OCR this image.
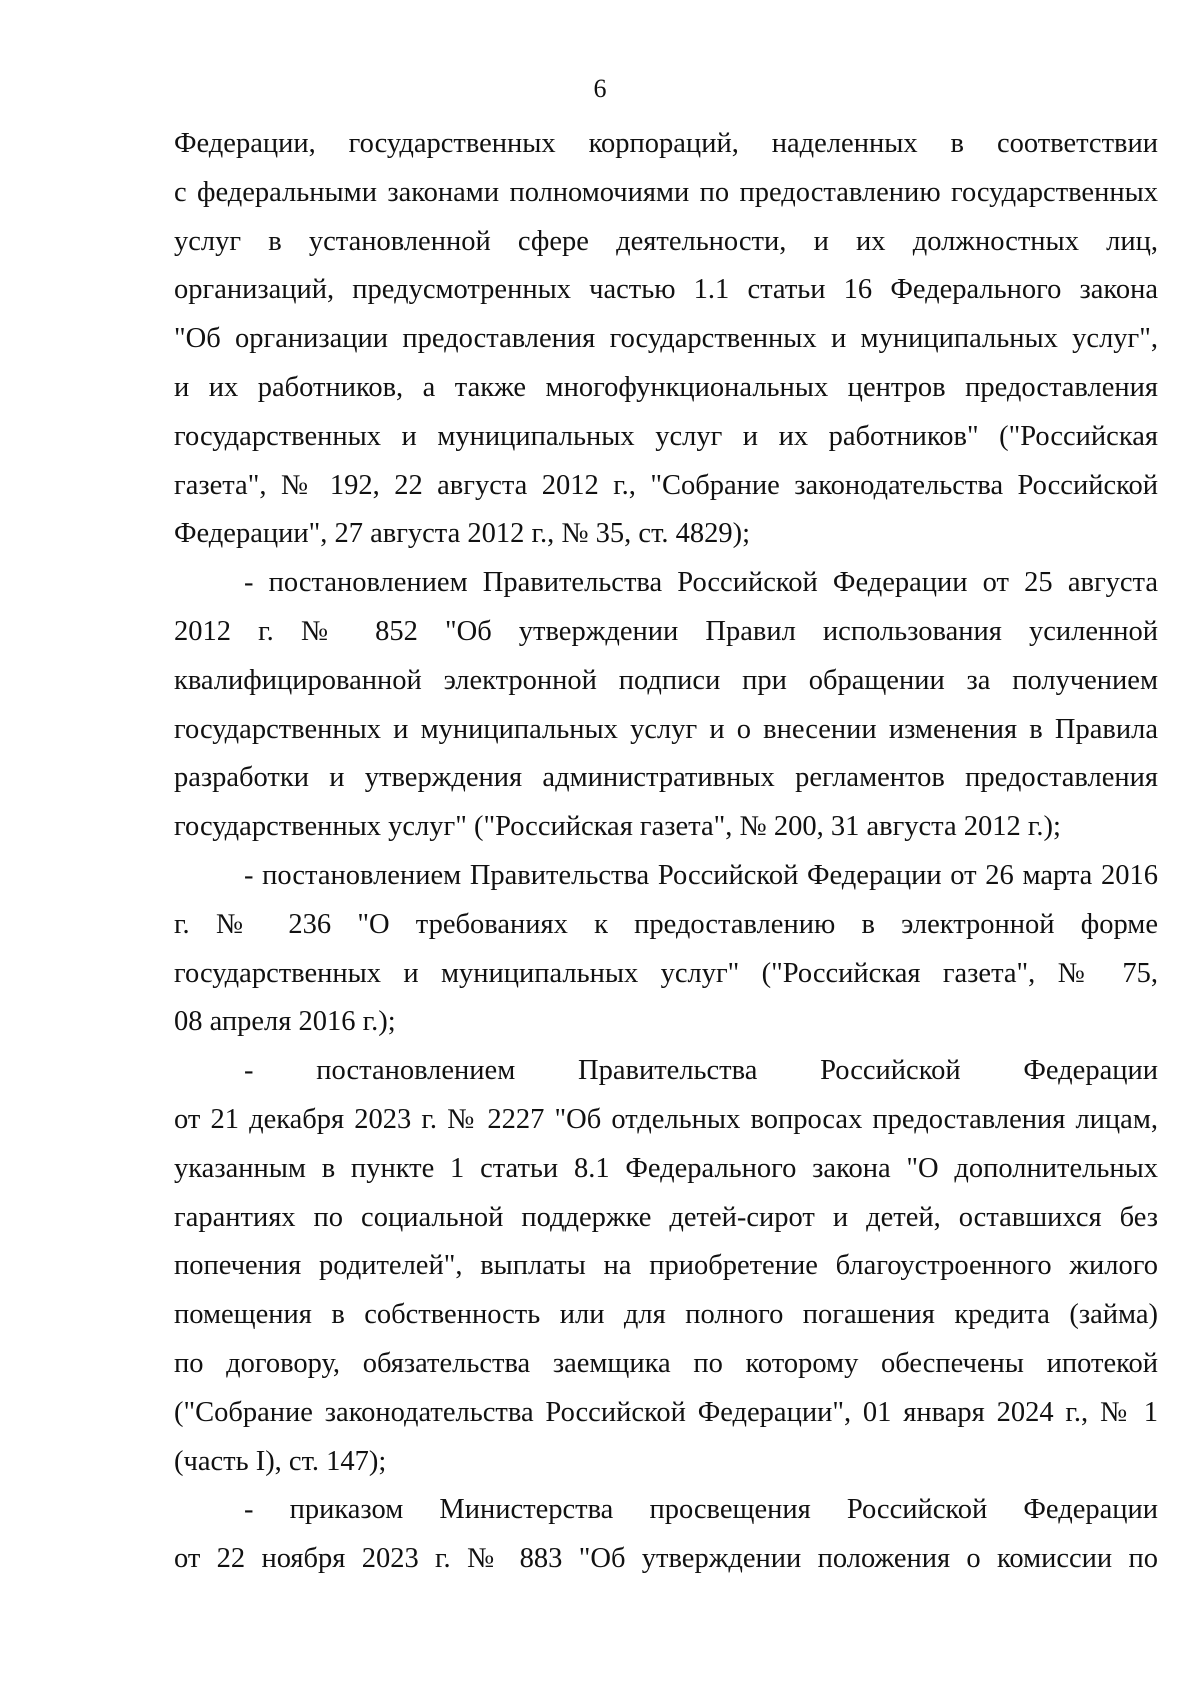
6
Федерации, государственных корпораций, наделенных в соответствии
с федеральными законами полномочиями по предоставлению государственных
услуг в установленной сфере деятельности, и их должностных лиц,
организаций, предусмотренных частью 1.1 статьи 16 Федерального закона
"Об организации предоставления государственных и муниципальных услуг",
и их работников, а также многофункциональных центров предоставления
государственных и муниципальных услуг и их работников" ("Российская
газета", № 192, 22 августа 2012 г., "Собрание законодательства Российской
Федерации", 27 августа 2012 г., № 35, ст. 4829);
- постановлением Правительства Российской Федерации от 25 августа
2012 г. № 852 "Об утверждении Правил использования усиленной
квалифицированной электронной подписи при обращении за получением
государственных и муниципальных услуг и о внесении изменения в Правила
разработки и утверждения административных регламентов предоставления
государственных услуг" ("Российская газета", № 200, 31 августа 2012 г.);
- постановлением Правительства Российской Федерации от 26 марта 2016
г. № 236 "О требованиях к предоставлению в электронной форме
государственных и муниципальных услуг" ("Российская газета", № 75,
08 апреля 2016 г.);
- постановлением Правительства Российской Федерации
от 21 декабря 2023 г. № 2227 "Об отдельных вопросах предоставления лицам,
указанным в пункте 1 статьи 8.1 Федерального закона "О дополнительных
гарантиях по социальной поддержке детей-сирот и детей, оставшихся без
попечения родителей", выплаты на приобретение благоустроенного жилого
помещения в собственность или для полного погашения кредита (займа)
по договору, обязательства заемщика по которому обеспечены ипотекой
("Собрание законодательства Российской Федерации", 01 января 2024 г., № 1
(часть I), ст. 147);
- приказом Министерства просвещения Российской Федерации
от 22 ноября 2023 г. № 883 "Об утверждении положения о комиссии по
